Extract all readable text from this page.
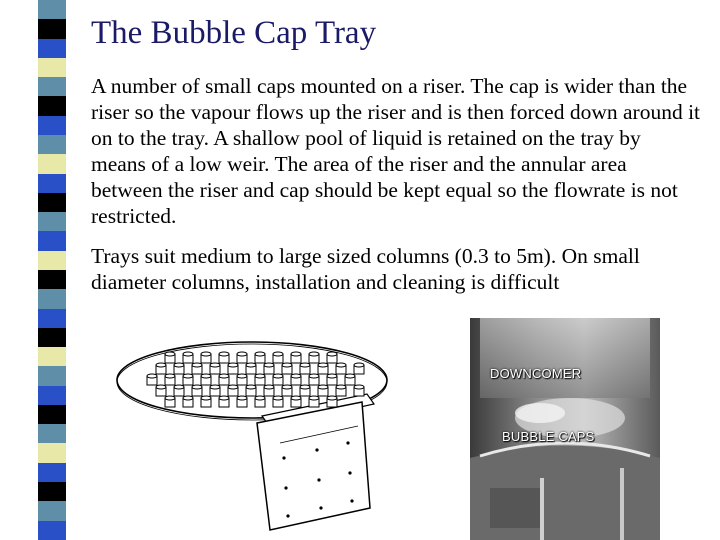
The Bubble Cap Tray

A number of small caps mounted on a riser. The cap is wider than the riser so the vapour flows up the riser and is then forced down around it on to the tray. A shallow pool of liquid is retained on the tray by means of a low weir. The area of the riser and the annular area between the riser and cap should be kept equal so the flowrate is not restricted.

Trays suit medium to large sized columns (0.3 to 5m). On small diameter columns, installation and cleaning is difficult

DOWNCOMER
BUBBLE CAPS
